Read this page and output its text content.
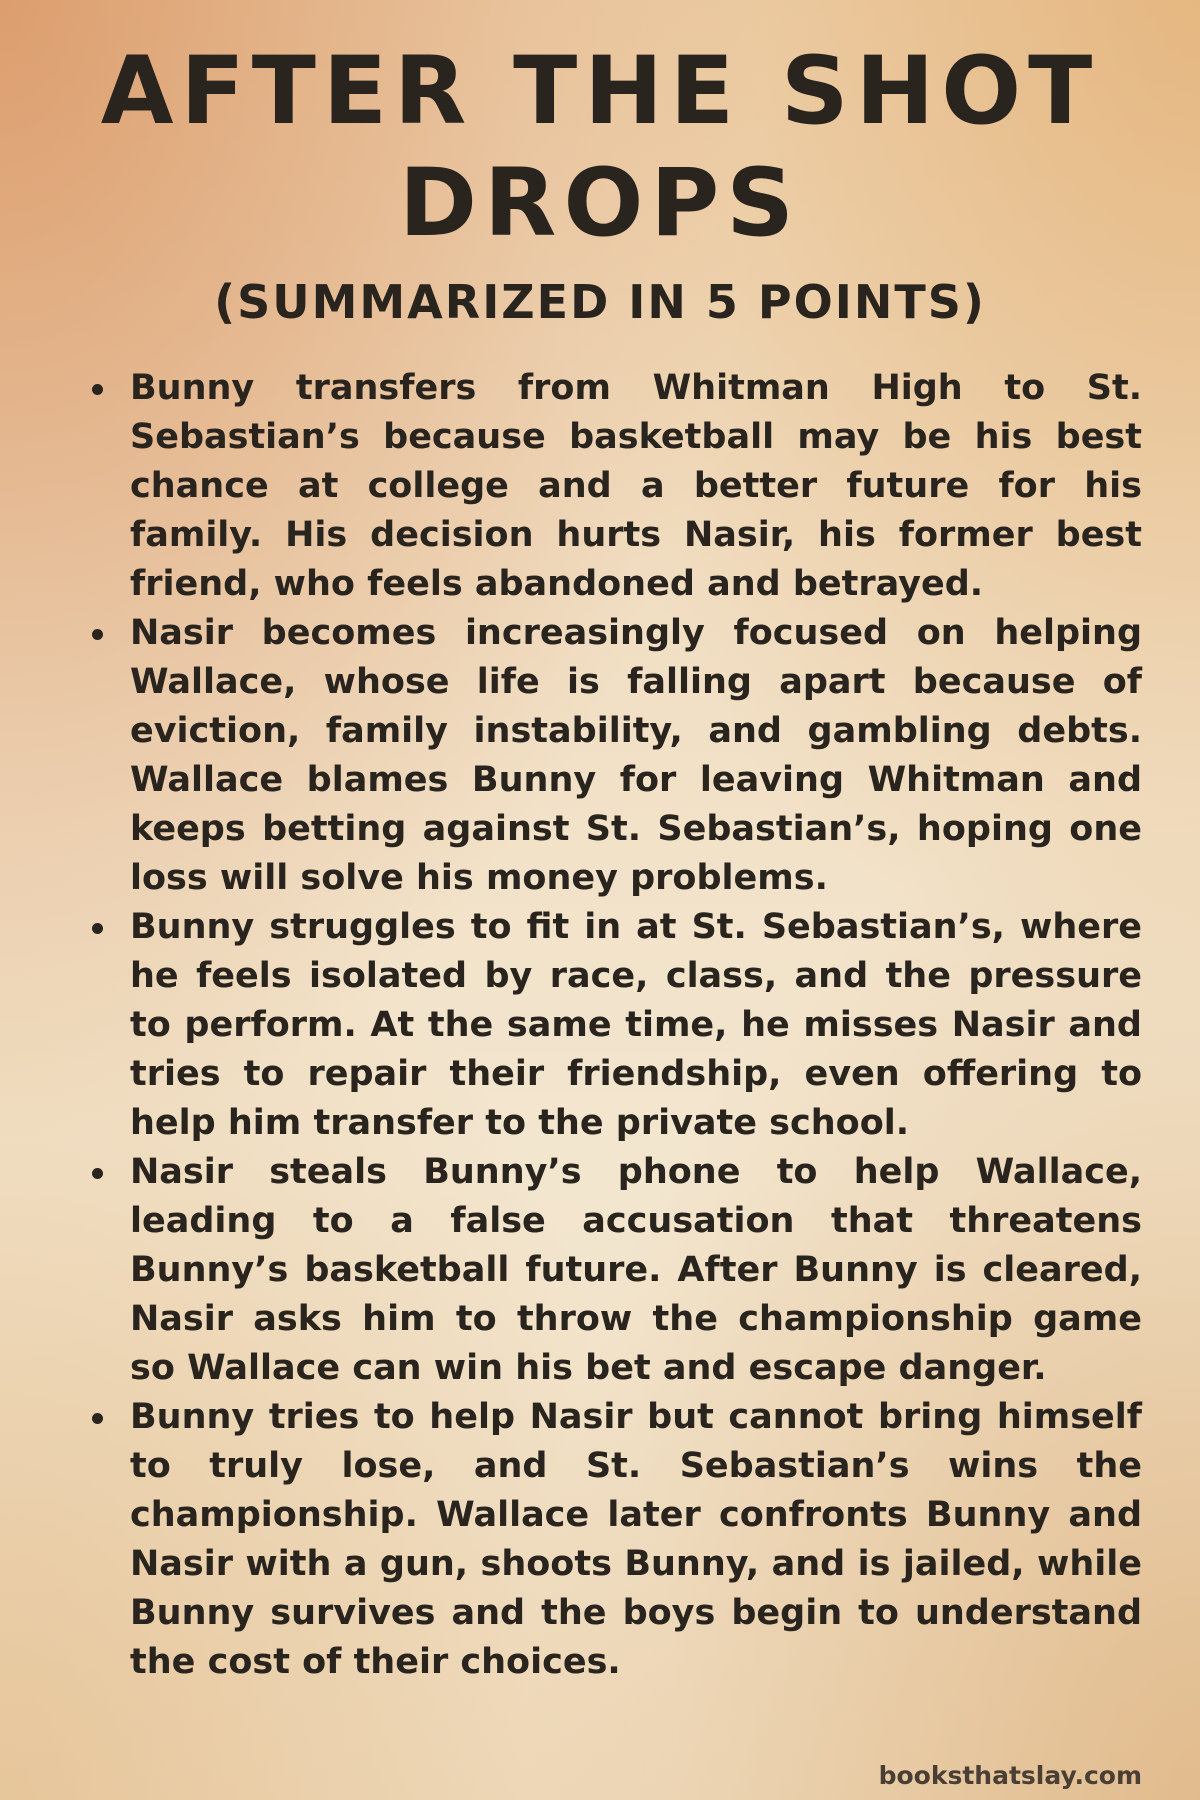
AFTER THE SHOT DROPS
(SUMMARIZED IN 5 POINTS)
Bunny transfers from Whitman High to St. Sebastian’s because basketball may be his best chance at college and a better future for his family. His decision hurts Nasir, his former best friend, who feels abandoned and betrayed.
Nasir becomes increasingly focused on helping Wallace, whose life is falling apart because of eviction, family instability, and gambling debts. Wallace blames Bunny for leaving Whitman and keeps betting against St. Sebastian’s, hoping one loss will solve his money problems.
Bunny struggles to fit in at St. Sebastian’s, where he feels isolated by race, class, and the pressure to perform. At the same time, he misses Nasir and tries to repair their friendship, even offering to help him transfer to the private school.
Nasir steals Bunny’s phone to help Wallace, leading to a false accusation that threatens Bunny’s basketball future. After Bunny is cleared, Nasir asks him to throw the championship game so Wallace can win his bet and escape danger.
Bunny tries to help Nasir but cannot bring himself to truly lose, and St. Sebastian’s wins the championship. Wallace later confronts Bunny and Nasir with a gun, shoots Bunny, and is jailed, while Bunny survives and the boys begin to understand the cost of their choices.
booksthatslay.com
